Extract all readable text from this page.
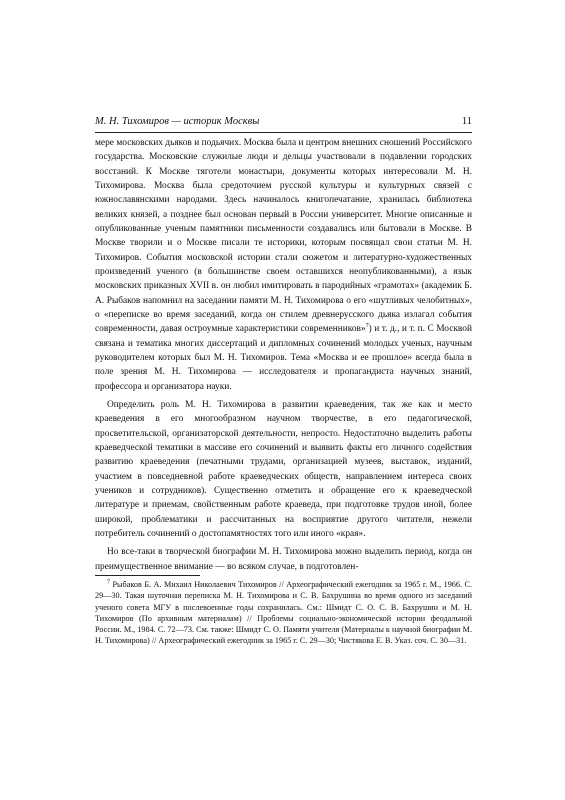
М. Н. Тихомиров — историк Москвы	11

мере московских дьяков и подьячих. Москва была и центром внешних сношений Российского государства. Московские служилые люди и дельцы участвовали в подавлении городских восстаний. К Москве тяготели монастыри, документы которых интересовали М. Н. Тихомирова. Москва была средоточием русской культуры и культурных связей с южнославянскими народами. Здесь начиналось книгопечатание, хранилась библиотека великих князей, а позднее был основан первый в России университет. Многие описанные и опубликованные ученым памятники письменности создавались или бытовали в Москве. В Москве творили и о Москве писали те историки, которым посвящал свои статьи М. Н. Тихомиров. События московской истории стали сюжетом и литературно-художественных произведений ученого (в большинстве своем оставшихся неопубликованными), а язык московских приказных XVII в. он любил имитировать в пародийных «грамотах» (академик Б. А. Рыбаков напомнил на заседании памяти М. Н. Тихомирова о его «шутливых челобитных», о «переписке во время заседаний, когда он стилем древнерусского дьяка излагал события современности, давая остроумные характеристики современников»$^7$) и т. д., и т. п. С Москвой связана и тематика многих диссертаций и дипломных сочинений молодых ученых, научным руководителем которых был М. Н. Тихомиров. Тема «Москва и ее прошлое» всегда была в поле зрения М. Н. Тихомирова — исследователя и пропагандиста научных знаний, профессора и организатора науки.

Определить роль М. Н. Тихомирова в развитии краеведения, так же как и место краеведения в его многообразном научном творчестве, в его педагогической, просветительской, организаторской деятельности, непросто. Недостаточно выделить работы краеведческой тематики в массиве его сочинений и выявить факты его личного содействия развитию краеведения (печатными трудами, организацией музеев, выставок, изданий, участием в повседневной работе краеведческих обществ, направлением интереса своих учеников и сотрудников). Существенно отметить и обращение его к краеведческой литературе и приемам, свойственным работе краеведа, при подготовке трудов иной, более широкой, проблематики и рассчитанных на восприятие другого читателя, нежели потребитель сочинений о достопамятностях того или иного «края».

Но все-таки в творческой биографии М. Н. Тихомирова можно выделить период, когда он преимущественное внимание — во всяком случае, в подготовлен-

$^7$ Рыбаков Б. А. Михаил Николаевич Тихомиров // Археографический ежегодник за 1965 г. М., 1966. С. 29—30. Такая шуточная переписка М. Н. Тихомирова и С. В. Бахрушина во время одного из заседаний ученого совета МГУ в послевоенные годы сохранилась. См.: Шмидт С. О. С. В. Бахрушин и М. Н. Тихомиров (По архивным материалам) // Проблемы социально-экономической истории феодальной России. М., 1984. С. 72—73. См. также: Шмидт С. О. Памяти учителя (Материалы к научной биографии М. Н. Тихомирова) // Археографический ежегодник за 1965 г. С. 29—30; Чистякова Е. В. Указ. соч. С. 30—31.
